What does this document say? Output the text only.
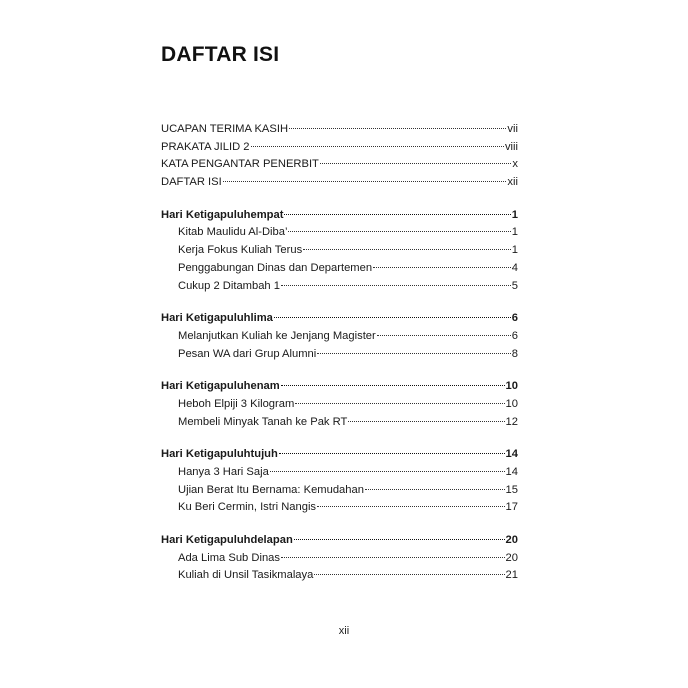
DAFTAR ISI
UCAPAN TERIMA KASIH	vii
PRAKATA JILID 2	viii
KATA PENGANTAR PENERBIT	x
DAFTAR ISI	xii
Hari Ketigapuluhempat	1
Kitab Maulidu Al-Diba’	1
Kerja Fokus Kuliah Terus	1
Penggabungan Dinas dan Departemen	4
Cukup 2 Ditambah 1	5
Hari Ketigapuluhlima	6
Melanjutkan Kuliah ke Jenjang Magister	6
Pesan WA dari Grup Alumni	8
Hari Ketigapuluhenam	10
Heboh Elpiji 3 Kilogram	10
Membeli Minyak Tanah ke Pak RT	12
Hari Ketigapuluhtujuh	14
Hanya 3 Hari Saja	14
Ujian Berat Itu Bernama: Kemudahan	15
Ku Beri Cermin, Istri Nangis	17
Hari Ketigapuluhdelapan	20
Ada Lima Sub Dinas	20
Kuliah di Unsil Tasikmalaya	21
xii
